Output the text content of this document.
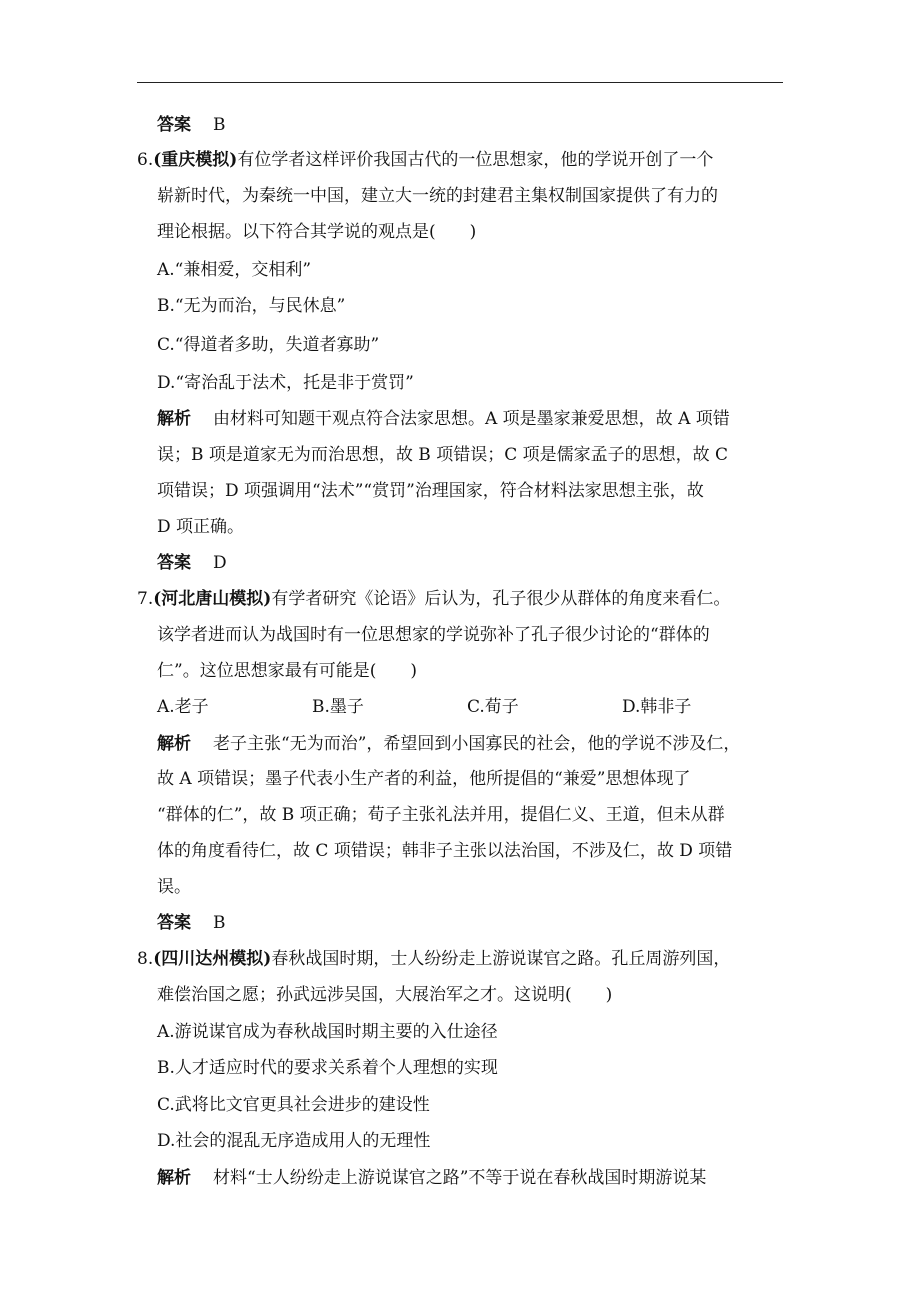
答案 B
6.(重庆模拟)有位学者这样评价我国古代的一位思想家，他的学说开创了一个
崭新时代，为秦统一中国，建立大一统的封建君主集权制国家提供了有力的
理论根据。以下符合其学说的观点是(　　)
A.“兼相爱，交相利”
B.“无为而治，与民休息”
C.“得道者多助，失道者寡助”
D.“寄治乱于法术，托是非于赏罚”
解析 由材料可知题干观点符合法家思想。A 项是墨家兼爱思想，故 A 项错
误；B 项是道家无为而治思想，故 B 项错误；C 项是儒家孟子的思想，故 C
项错误；D 项强调用“法术”“赏罚”治理国家，符合材料法家思想主张，故
D 项正确。
答案 D
7.(河北唐山模拟)有学者研究《论语》后认为，孔子很少从群体的角度来看仁。
该学者进而认为战国时有一位思想家的学说弥补了孔子很少讨论的“群体的
仁”。这位思想家最有可能是(　　)
A.老子	B.墨子	C.荀子	D.韩非子
解析 老子主张“无为而治”，希望回到小国寡民的社会，他的学说不涉及仁，
故 A 项错误；墨子代表小生产者的利益，他所提倡的“兼爱”思想体现了
“群体的仁”，故 B 项正确；荀子主张礼法并用，提倡仁义、王道，但未从群
体的角度看待仁，故 C 项错误；韩非子主张以法治国，不涉及仁，故 D 项错
误。
答案 B
8.(四川达州模拟)春秋战国时期，士人纷纷走上游说谋官之路。孔丘周游列国，
难偿治国之愿；孙武远涉吴国，大展治军之才。这说明(　　)
A.游说谋官成为春秋战国时期主要的入仕途径
B.人才适应时代的要求关系着个人理想的实现
C.武将比文官更具社会进步的建设性
D.社会的混乱无序造成用人的无理性
解析 材料“士人纷纷走上游说谋官之路”不等于说在春秋战国时期游说某
